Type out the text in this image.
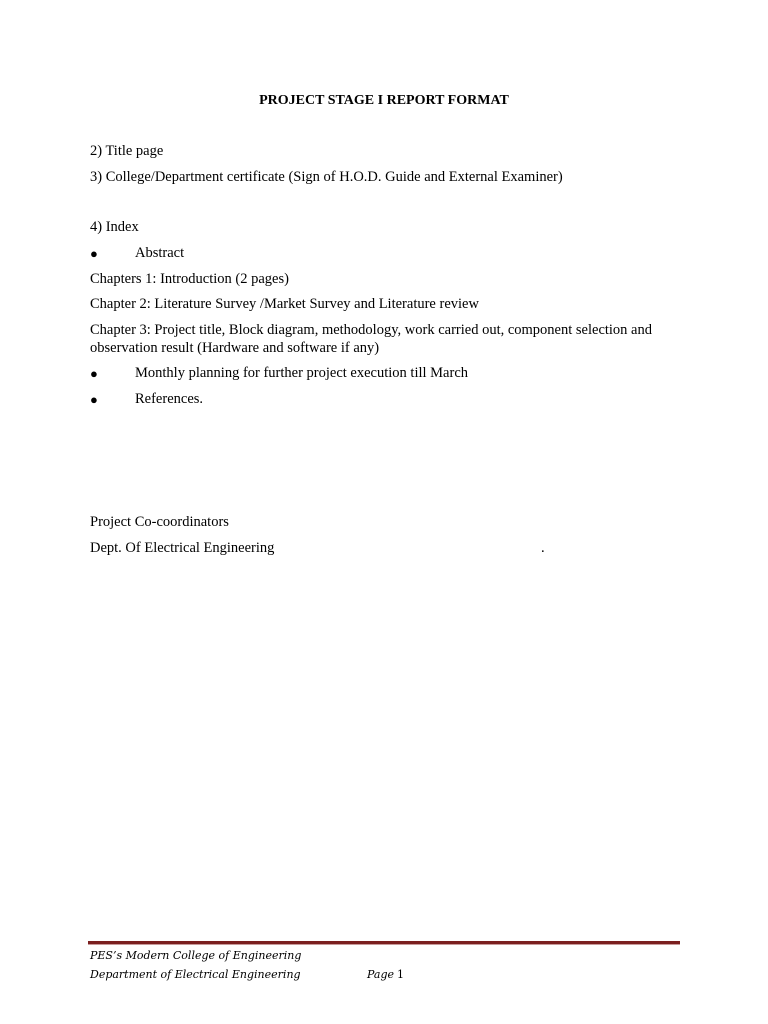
PROJECT STAGE I REPORT FORMAT
2) Title page
3) College/Department certificate (Sign of H.O.D. Guide and External Examiner)
4) Index
●	Abstract
Chapters 1: Introduction (2 pages)
Chapter 2: Literature Survey /Market Survey and Literature review
Chapter 3: Project title, Block diagram, methodology, work carried out, component selection and observation result (Hardware and software if any)
●	Monthly planning for further project execution till March
●	References.
Project Co-coordinators
Dept. Of Electrical Engineering	.
PES’s Modern College of Engineering
Department of Electrical Engineering	Page 1
